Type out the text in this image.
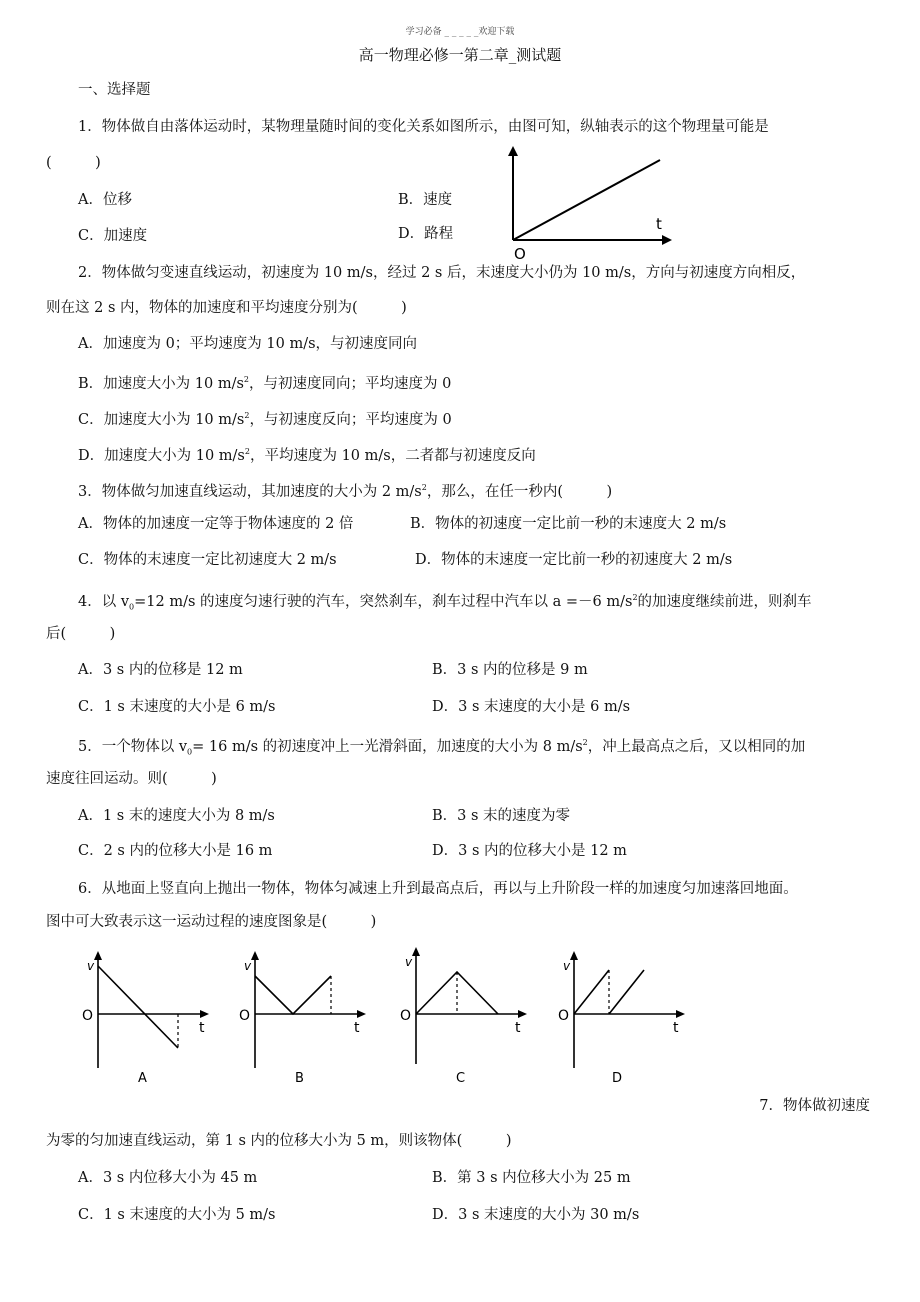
学习必备 _ _ _ _ _欢迎下载
高一物理必修一第二章_测试题
一、选择题
1．物体做自由落体运动时，某物理量随时间的变化关系如图所示，由图可知，纵轴表示的这个物理量可能是
(　　　)
A．位移	B．速度
C．加速度	D．路程
t
O
2．物体做匀变速直线运动，初速度为 10 m/s，经过 2 s 后，末速度大小仍为 10 m/s，方向与初速度方向相反，
则在这 2 s 内，物体的加速度和平均速度分别为(　　　)
A．加速度为 0；平均速度为 10 m/s，与初速度同向
B．加速度大小为 10 $m/s^2$，与初速度同向；平均速度为 0
C．加速度大小为 10 $m/s^2$，与初速度反向；平均速度为 0
D．加速度大小为 10 $m/s^2$，平均速度为 10 m/s，二者都与初速度反向
3．物体做匀加速直线运动，其加速度的大小为 2 $m/s^2$，那么，在任一秒内(　　　)
A．物体的加速度一定等于物体速度的 2 倍	B．物体的初速度一定比前一秒的末速度大 2 m/s
C．物体的末速度一定比初速度大 2 m/s	D．物体的末速度一定比前一秒的初速度大 2 m/s
4．以 $v_0=12$ m/s 的速度匀速行驶的汽车，突然刹车，刹车过程中汽车以 a =－6 $m/s^2$的加速度继续前进，则刹车
后(　　　)
A．3 s 内的位移是 12 m	B．3 s 内的位移是 9 m
C．1 s 末速度的大小是 6 m/s	D．3 s 末速度的大小是 6 m/s
5．一个物体以 $v_0= 16$ m/s 的初速度冲上一光滑斜面，加速度的大小为 8 $m/s^2$，冲上最高点之后，又以相同的加
速度往回运动。则(　　　)
A．1 s 末的速度大小为 8 m/s	B．3 s 末的速度为零
C．2 s 内的位移大小是 16 m	D．3 s 内的位移大小是 12 m
6．从地面上竖直向上抛出一物体，物体匀减速上升到最高点后，再以与上升阶段一样的加速度匀加速落回地面。
图中可大致表示这一运动过程的速度图象是(　　　)
v
O
t
A
v
O
t
B
v
O
t
C
v
O
t
D
7．物体做初速度
为零的匀加速直线运动，第 1 s 内的位移大小为 5 m，则该物体(　　　)
A．3 s 内位移大小为 45 m	B．第 3 s 内位移大小为 25 m
C．1 s 末速度的大小为 5 m/s	D．3 s 末速度的大小为 30 m/s
